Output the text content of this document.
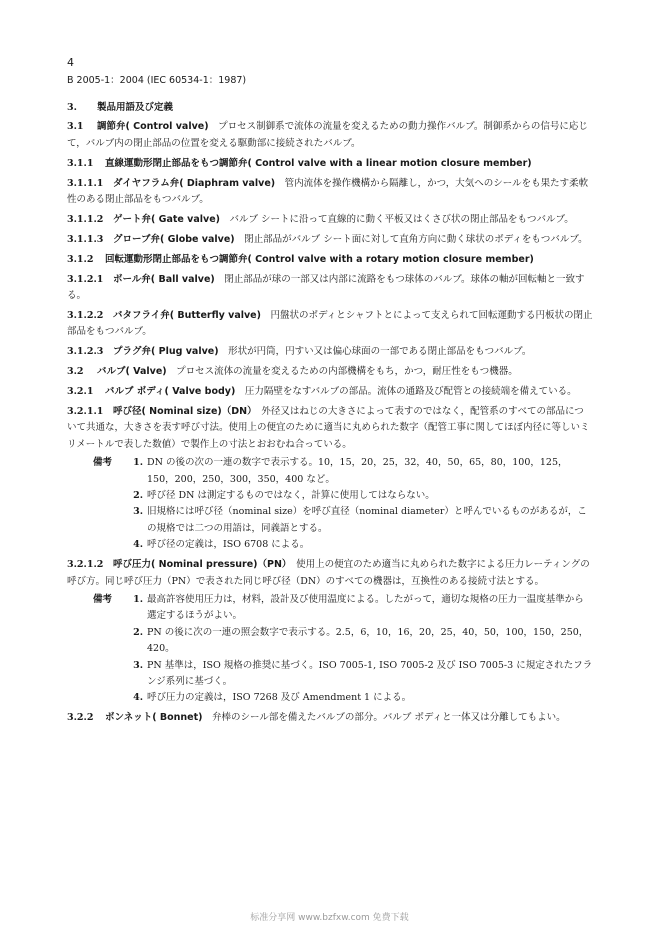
4
B 2005-1：2004 (IEC 60534-1：1987)
3. 製品用語及び定義
3.1 調節弁( Control valve)　 プロセス制御系で流体の流量を変えるための動力操作バルブ。制御系からの信号に応じて，バルブ内の閉止部品の位置を変える駆動部に接続されたバルブ。
3.1.1 直線運動形閉止部品をもつ調節弁( Control valve with a linear motion closure member)
3.1.1.1 ダイヤフラム弁( Diaphram valve)　 管内流体を操作機構から隔離し，かつ，大気へのシールをも果たす柔軟性のある閉止部品をもつバルブ。
3.1.1.2 ゲート弁( Gate valve)　 バルブ シートに沿って直線的に動く平板又はくさび状の閉止部品をもつバルブ。
3.1.1.3 グローブ弁( Globe valve)　 閉止部品がバルブ シート面に対して直角方向に動く球状のボディをもつバルブ。
3.1.2 回転運動形閉止部品をもつ調節弁( Control valve with a rotary motion closure member)
3.1.2.1 ボール弁( Ball valve)　 閉止部品が球の一部又は内部に流路をもつ球体のバルブ。球体の軸が回転軸と一致する。
3.1.2.2 バタフライ弁( Butterfly valve)　 円盤状のボディとシャフトとによって支えられて回転運動する円板状の閉止部品をもつバルブ。
3.1.2.3 プラグ弁( Plug valve)　 形状が円筒，円すい又は偏心球面の一部である閉止部品をもつバルブ。
3.2 バルブ( Valve)　 プロセス流体の流量を変えるための内部機構をもち，かつ，耐圧性をもつ機器。
3.2.1 バルブ ボディ( Valve body)　 圧力隔壁をなすバルブの部品。流体の通路及び配管との接続端を備えている。
3.2.1.1 呼び径( Nominal size)（DN）　 外径又はねじの大きさによって表すのではなく，配管系のすべての部品について共通な，大きさを表す呼び寸法。使用上の便宜のために適当に丸められた数字（配管工事に関してほぼ内径に等しいミリメートルで表した数値）で製作上の寸法とおおむね合っている。
備考	1. DN の後の次の一連の数字で表示する。10，15，20，25，32，40，50，65，80，100，125，150，200，250，300，350，400 など。
2. 呼び径 DN は測定するものではなく，計算に使用してはならない。
3. 旧規格には呼び径（nominal size）を呼び直径（nominal diameter）と呼んでいるものがあるが，この規格では二つの用語は，同義語とする。
4. 呼び径の定義は，ISO 6708 による。
3.2.1.2 呼び圧力( Nominal pressure)（PN）　 使用上の便宜のため適当に丸められた数字による圧力レーティングの呼び方。同じ呼び圧力（PN）で表された同じ呼び径（DN）のすべての機器は，互換性のある接続寸法とする。
備考	1. 最高許容使用圧力は，材料，設計及び使用温度による。したがって，適切な規格の圧力一温度基準から選定するほうがよい。
2. PN の後に次の一連の照会数字で表示する。2.5，6，10，16，20，25，40，50，100，150，250，420。
3. PN 基準は，ISO 規格の推奨に基づく。ISO 7005-1, ISO 7005-2 及び ISO 7005-3 に規定されたフランジ系列に基づく。
4. 呼び圧力の定義は，ISO 7268 及び Amendment 1 による。
3.2.2 ボンネット( Bonnet)　 弁棒のシール部を備えたバルブの部分。バルブ ボディと一体又は分離してもよい。
标准分享网 www.bzfxw.com 免费下载
